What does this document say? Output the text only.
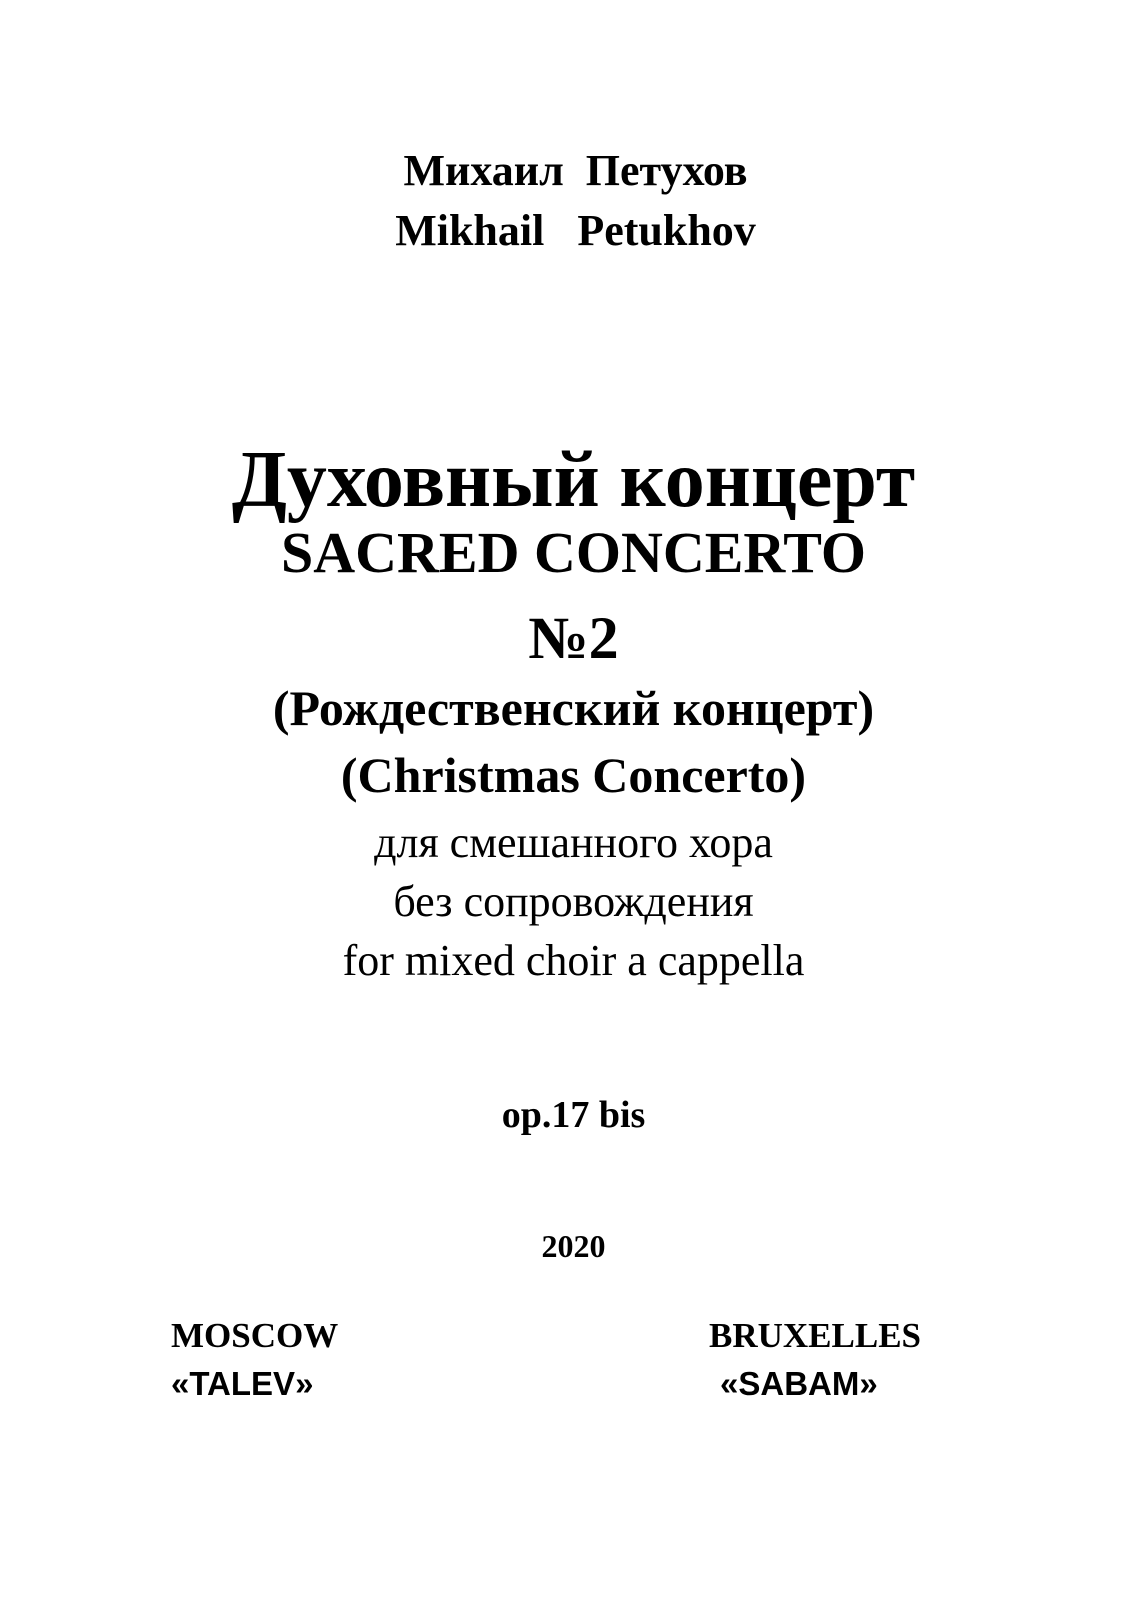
Михаил  Петухов
Mikhail   Petukhov
Духовный концерт
SACRED CONCERTO
№2
(Рождественский концерт)
(Christmas Concerto)
для смешанного хора
без сопровождения
for mixed choir a cappella
op.17 bis
2020
MOSCOW
«TALEV»
BRUXELLES
«SABAM»
